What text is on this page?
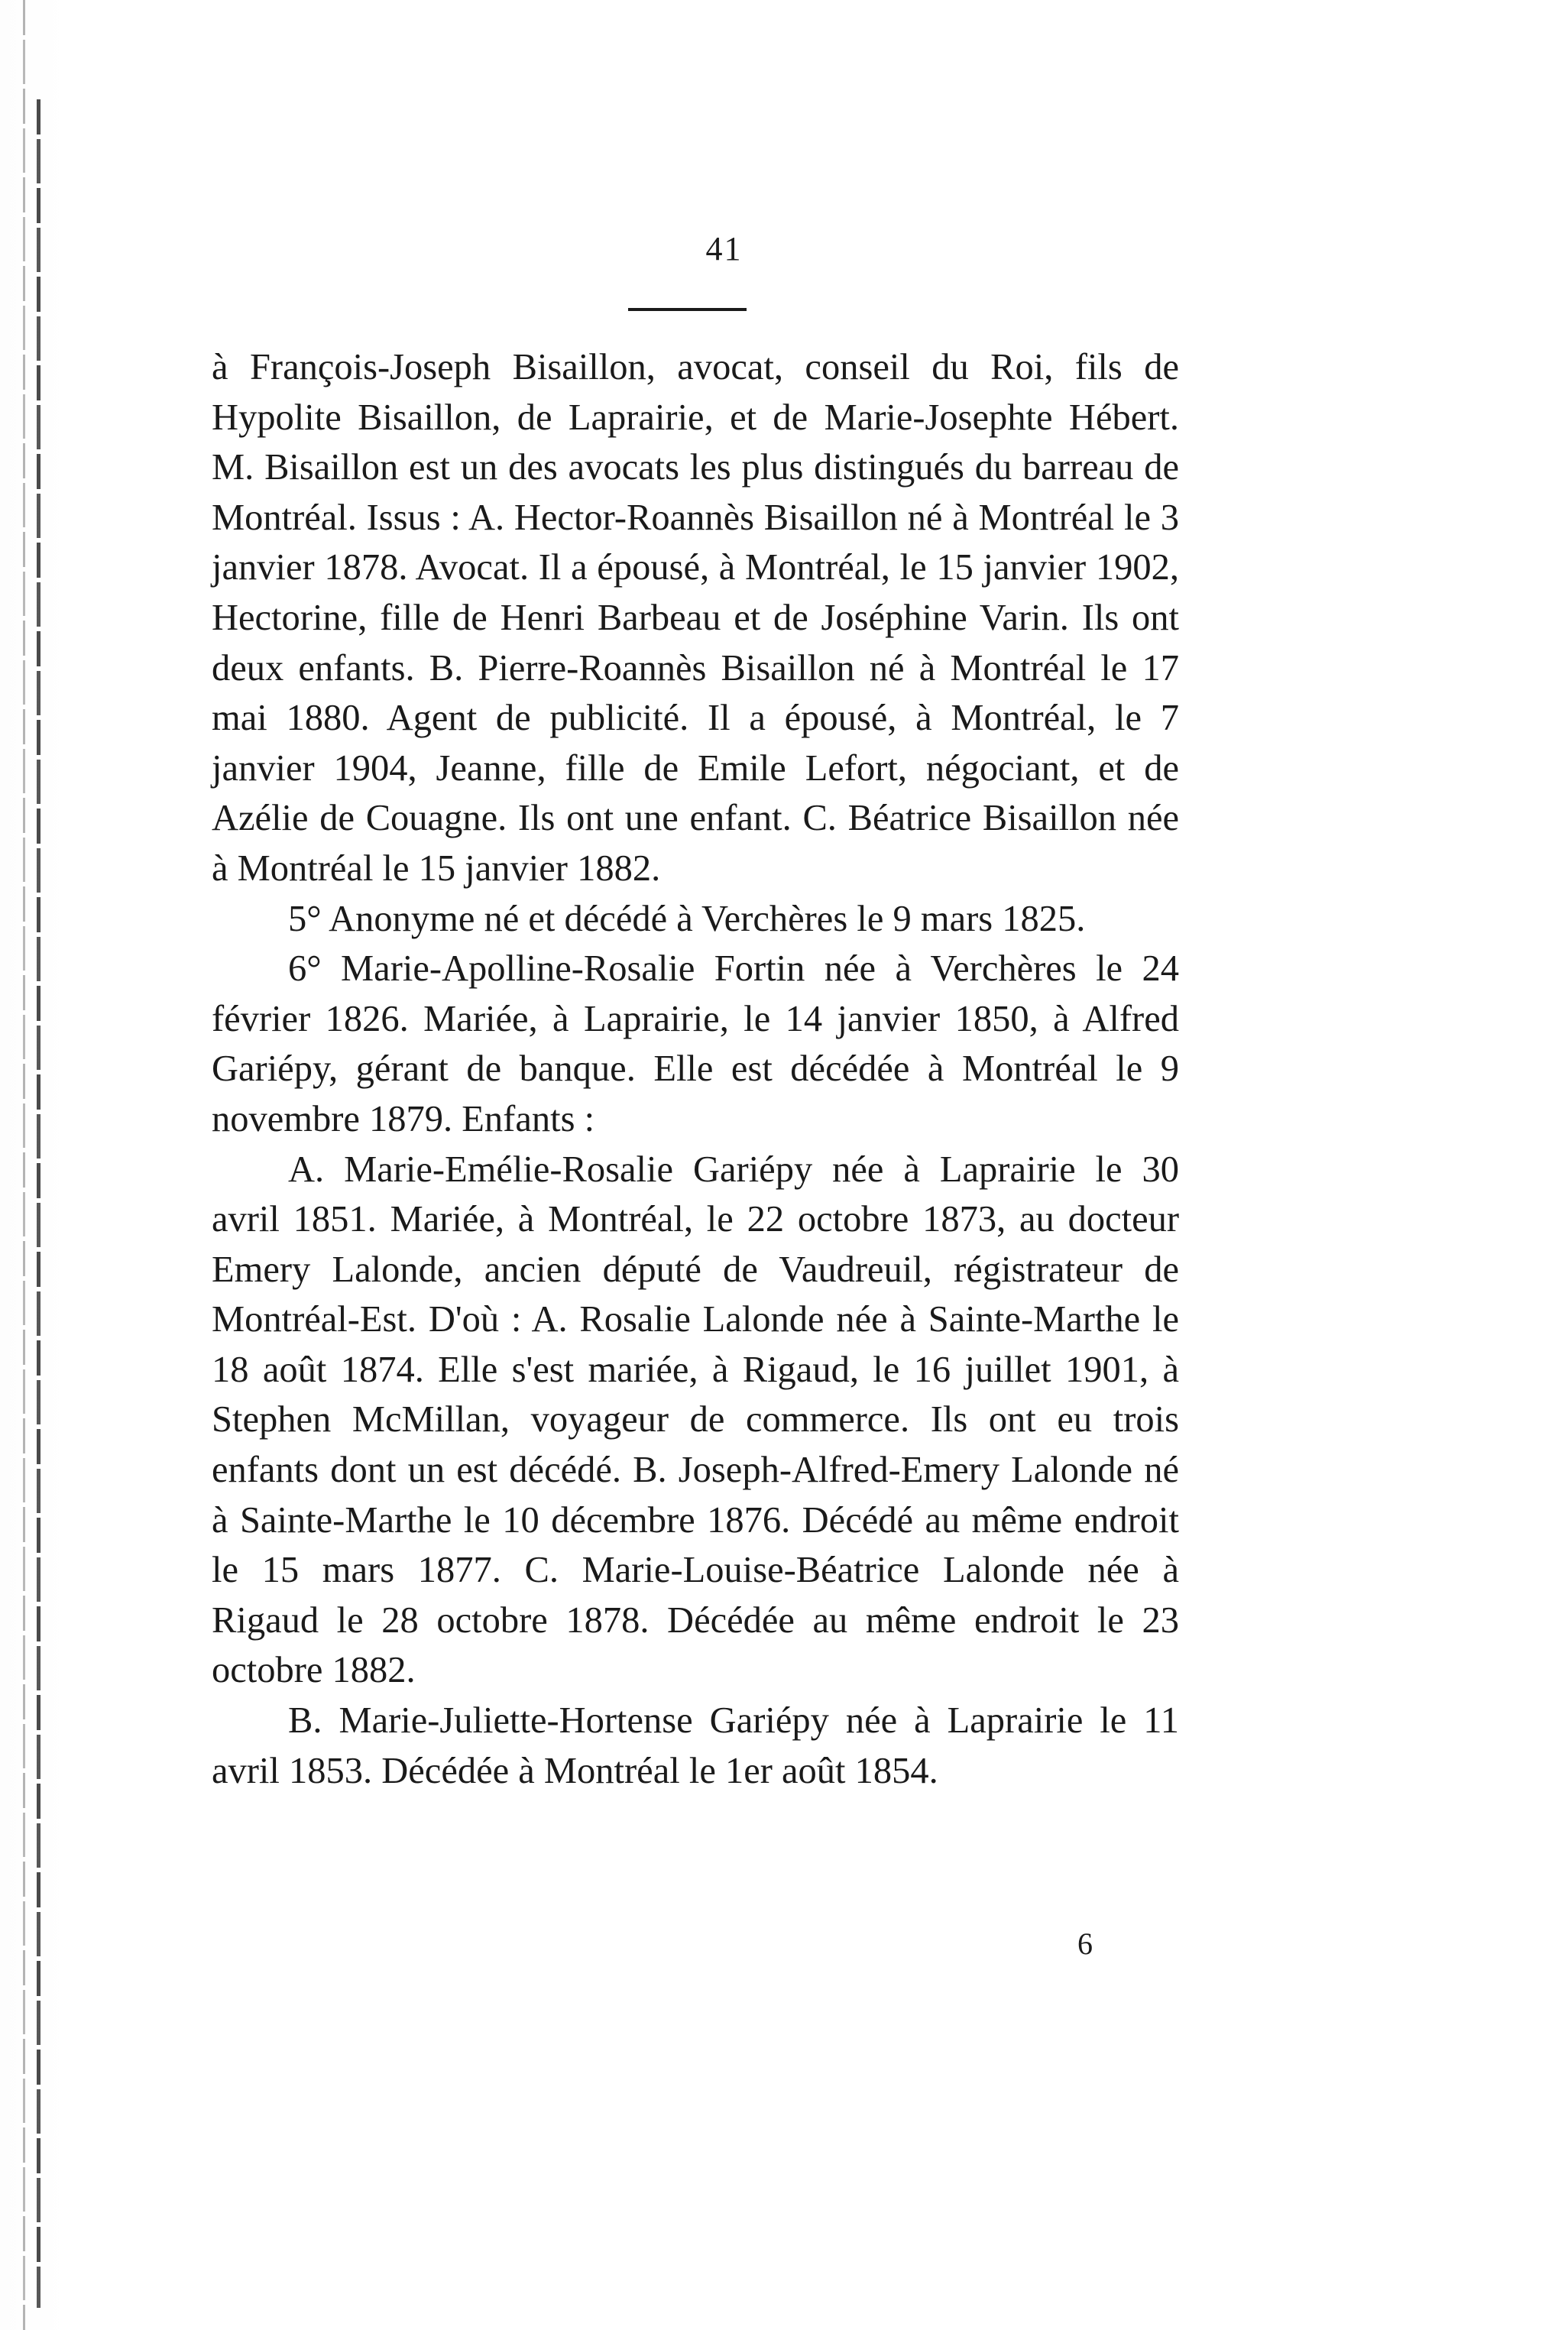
41

à François-Joseph Bisaillon, avocat, conseil du Roi, fils de Hypolite Bisaillon, de Laprairie, et de Marie-Josephte Hébert. M. Bisaillon est un des avocats les plus distingués du barreau de Montréal. Issus : A. Hector-Roannès Bisaillon né à Montréal le 3 janvier 1878. Avocat. Il a épousé, à Montréal, le 15 janvier 1902, Hectorine, fille de Henri Barbeau et de Joséphine Varin. Ils ont deux enfants. B. Pierre-Roannès Bisaillon né à Montréal le 17 mai 1880. Agent de publicité. Il a épousé, à Montréal, le 7 janvier 1904, Jeanne, fille de Emile Lefort, négociant, et de Azélie de Couagne. Ils ont une enfant. C. Béatrice Bisaillon née à Montréal le 15 janvier 1882.

5° Anonyme né et décédé à Verchères le 9 mars 1825.

6° Marie-Apolline-Rosalie Fortin née à Verchères le 24 février 1826. Mariée, à Laprairie, le 14 janvier 1850, à Alfred Gariépy, gérant de banque. Elle est décédée à Montréal le 9 novembre 1879. Enfants :

A. Marie-Emélie-Rosalie Gariépy née à Laprairie le 30 avril 1851. Mariée, à Montréal, le 22 octobre 1873, au docteur Emery Lalonde, ancien député de Vaudreuil, régistrateur de Montréal-Est. D'où : A. Rosalie Lalonde née à Sainte-Marthe le 18 août 1874. Elle s'est mariée, à Rigaud, le 16 juillet 1901, à Stephen McMillan, voyageur de commerce. Ils ont eu trois enfants dont un est décédé. B. Joseph-Alfred-Emery Lalonde né à Sainte-Marthe le 10 décembre 1876. Décédé au même endroit le 15 mars 1877. C. Marie-Louise-Béatrice Lalonde née à Rigaud le 28 octobre 1878. Décédée au même endroit le 23 octobre 1882.

B. Marie-Juliette-Hortense Gariépy née à Laprairie le 11 avril 1853. Décédée à Montréal le 1er août 1854.

6
